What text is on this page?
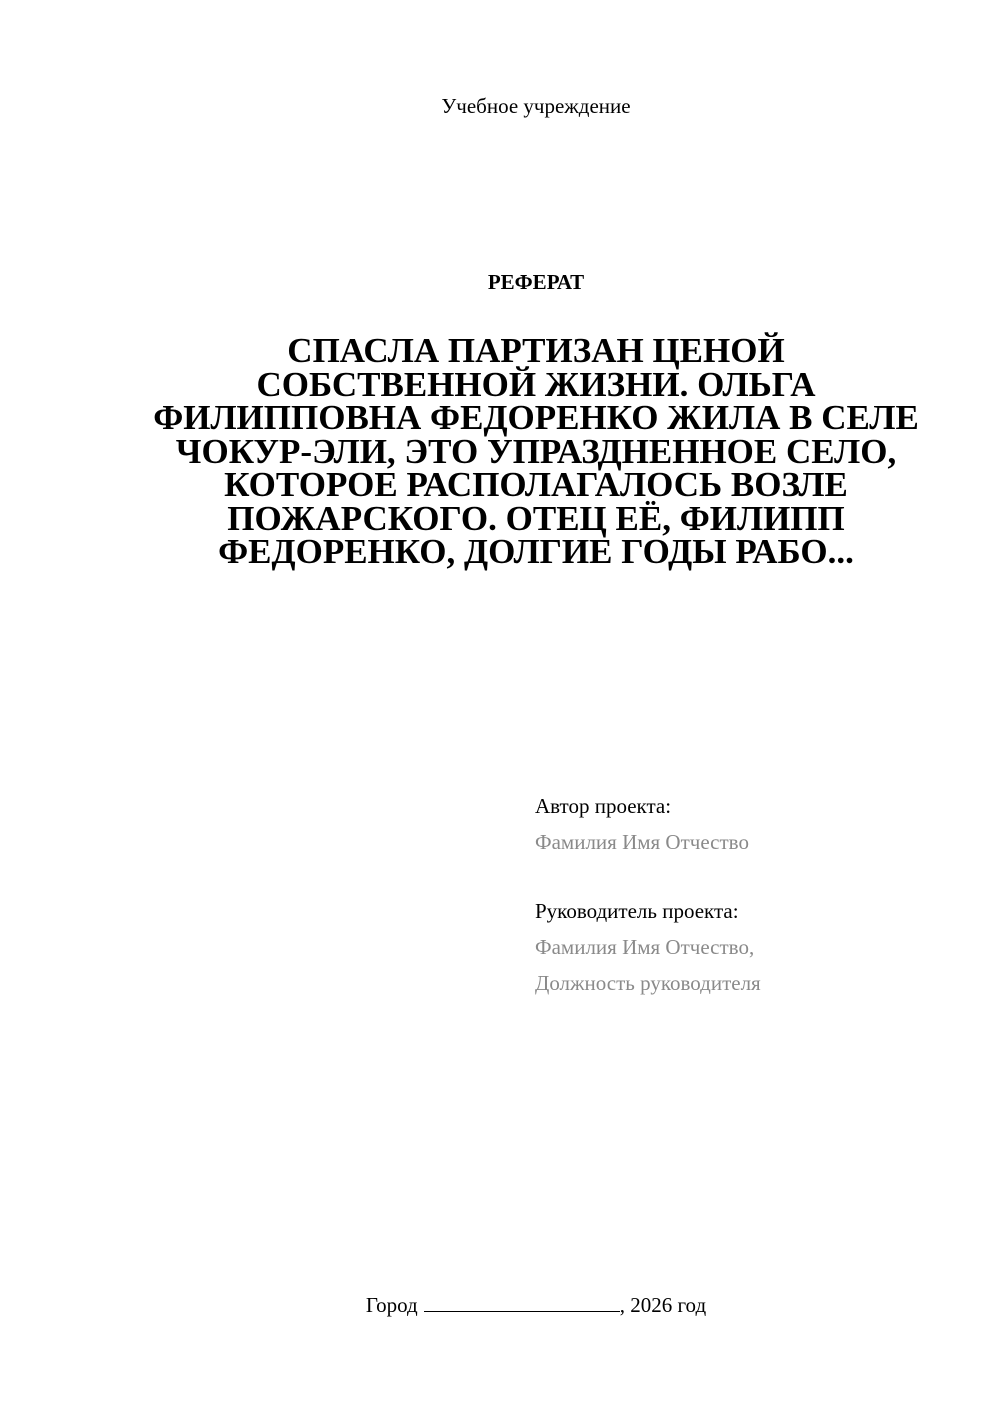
Учебное учреждение
РЕФЕРАТ
СПАСЛА ПАРТИЗАН ЦЕНОЙ СОБСТВЕННОЙ ЖИЗНИ. ОЛЬГА ФИЛИППОВНА ФЕДОРЕНКО ЖИЛА В СЕЛЕ ЧОКУР-ЭЛИ, ЭТО УПРАЗДНЕННОЕ СЕЛО, КОТОРОЕ РАСПОЛАГАЛОСЬ ВОЗЛЕ ПОЖАРСКОГО. ОТЕЦ ЕЁ, ФИЛИПП ФЕДОРЕНКО, ДОЛГИЕ ГОДЫ РАБО...
Автор проекта:
Фамилия Имя Отчество
Руководитель проекта:
Фамилия Имя Отчество,
Должность руководителя
Город	, 2026 год
